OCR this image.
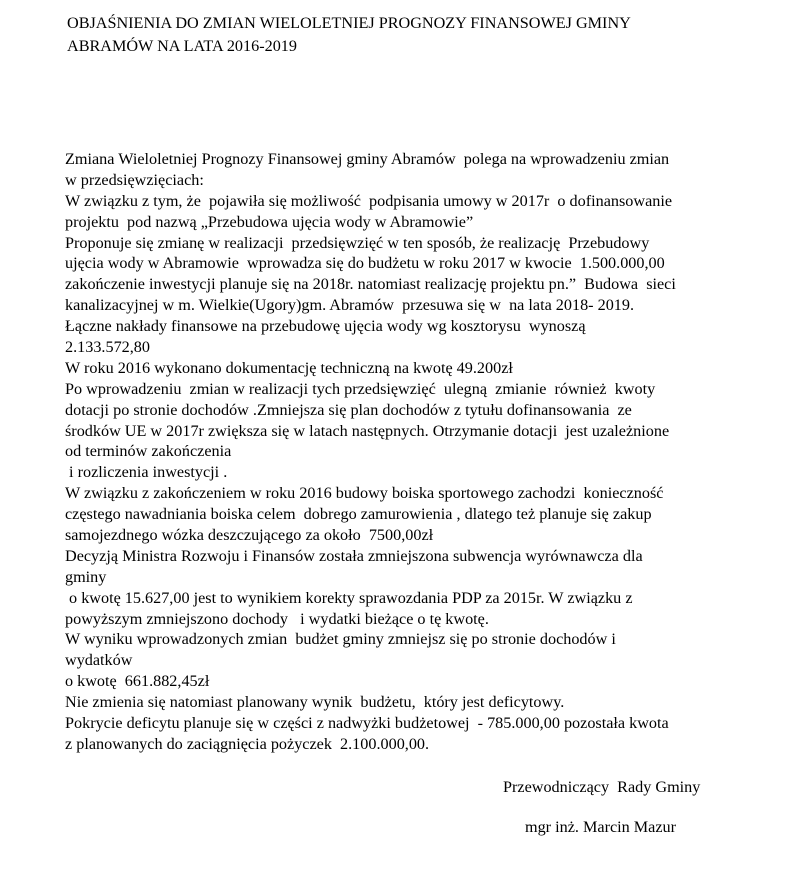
OBJAŚNIENIA DO ZMIAN WIELOLETNIEJ PROGNOZY FINANSOWEJ GMINY
ABRAMÓW NA LATA 2016-2019
Zmiana Wieloletniej Prognozy Finansowej gminy Abramów  polega na wprowadzeniu zmian
w przedsięwzięciach:
W związku z tym, że  pojawiła się możliwość  podpisania umowy w 2017r  o dofinansowanie
projektu  pod nazwą „Przebudowa ujęcia wody w Abramowie”
Proponuje się zmianę w realizacji  przedsięwzięć w ten sposób, że realizację  Przebudowy
ujęcia wody w Abramowie  wprowadza się do budżetu w roku 2017 w kwocie  1.500.000,00
zakończenie inwestycji planuje się na 2018r. natomiast realizację projektu pn.”  Budowa  sieci
kanalizacyjnej w m. Wielkie(Ugory)gm. Abramów  przesuwa się w  na lata 2018- 2019.
Łączne nakłady finansowe na przebudowę ujęcia wody wg kosztorysu  wynoszą
2.133.572,80
W roku 2016 wykonano dokumentację techniczną na kwotę 49.200zł
Po wprowadzeniu  zmian w realizacji tych przedsięwzięć  ulegną  zmianie  również  kwoty
dotacji po stronie dochodów .Zmniejsza się plan dochodów z tytułu dofinansowania  ze
środków UE w 2017r zwiększa się w latach następnych. Otrzymanie dotacji  jest uzależnione
od terminów zakończenia
i rozliczenia inwestycji .
W związku z zakończeniem w roku 2016 budowy boiska sportowego zachodzi  konieczność
częstego nawadniania boiska celem  dobrego zamurowienia , dlatego też planuje się zakup
samojezdnego wózka deszczującego za około  7500,00zł
Decyzją Ministra Rozwoju i Finansów została zmniejszona subwencja wyrównawcza dla
gminy
o kwotę 15.627,00 jest to wynikiem korekty sprawozdania PDP za 2015r. W związku z
powyższym zmniejszono dochody   i wydatki bieżące o tę kwotę.
W wyniku wprowadzonych zmian  budżet gminy zmniejsz się po stronie dochodów i
wydatków
o kwotę  661.882,45zł
Nie zmienia się natomiast planowany wynik  budżetu,  który jest deficytowy.
Pokrycie deficytu planuje się w części z nadwyżki budżetowej  - 785.000,00 pozostała kwota
z planowanych do zaciągnięcia pożyczek  2.100.000,00.
Przewodniczący  Rady Gminy
mgr inż. Marcin Mazur
